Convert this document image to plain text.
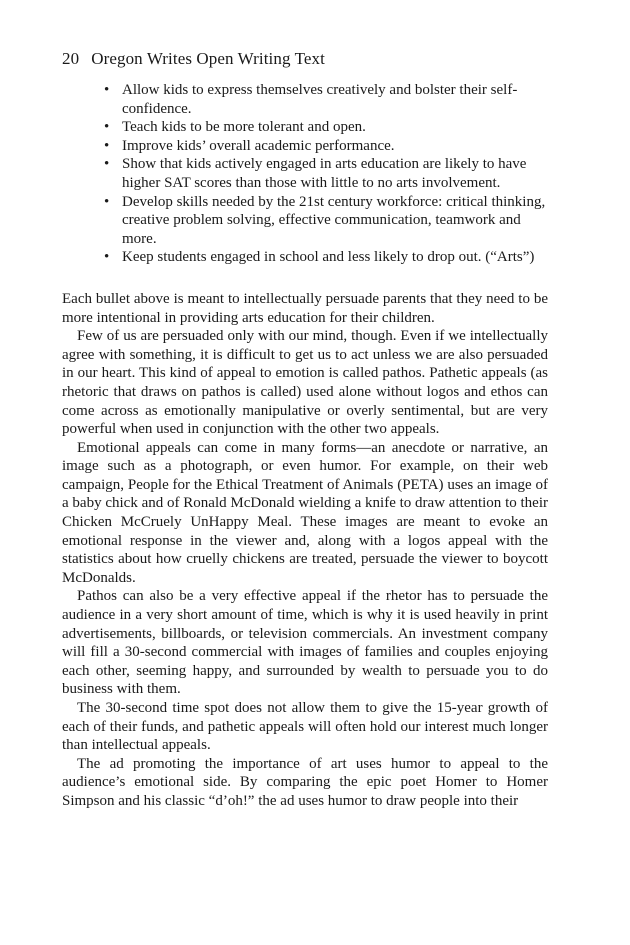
20 Oregon Writes Open Writing Text
• Allow kids to express themselves creatively and bolster their self-confidence.
• Teach kids to be more tolerant and open.
• Improve kids’ overall academic performance.
• Show that kids actively engaged in arts education are likely to have higher SAT scores than those with little to no arts involvement.
• Develop skills needed by the 21st century workforce: critical thinking, creative problem solving, effective communication, teamwork and more.
• Keep students engaged in school and less likely to drop out. (“Arts”)

Each bullet above is meant to intellectually persuade parents that they need to be more intentional in providing arts education for their children.

Few of us are persuaded only with our mind, though. Even if we intellectually agree with something, it is difficult to get us to act unless we are also persuaded in our heart. This kind of appeal to emotion is called pathos. Pathetic appeals (as rhetoric that draws on pathos is called) used alone without logos and ethos can come across as emotionally manipulative or overly sentimental, but are very powerful when used in conjunction with the other two appeals.

Emotional appeals can come in many forms—an anecdote or narrative, an image such as a photograph, or even humor. For example, on their web campaign, People for the Ethical Treatment of Animals (PETA) uses an image of a baby chick and of Ronald McDonald wielding a knife to draw attention to their Chicken McCruely UnHappy Meal. These images are meant to evoke an emotional response in the viewer and, along with a logos appeal with the statistics about how cruelly chickens are treated, persuade the viewer to boycott McDonalds.

Pathos can also be a very effective appeal if the rhetor has to persuade the audience in a very short amount of time, which is why it is used heavily in print advertisements, billboards, or television commercials. An investment company will fill a 30-second commercial with images of families and couples enjoying each other, seeming happy, and surrounded by wealth to persuade you to do business with them.

The 30-second time spot does not allow them to give the 15-year growth of each of their funds, and pathetic appeals will often hold our interest much longer than intellectual appeals.

The ad promoting the importance of art uses humor to appeal to the audience’s emotional side. By comparing the epic poet Homer to Homer Simpson and his classic “d’oh!” the ad uses humor to draw people into their
